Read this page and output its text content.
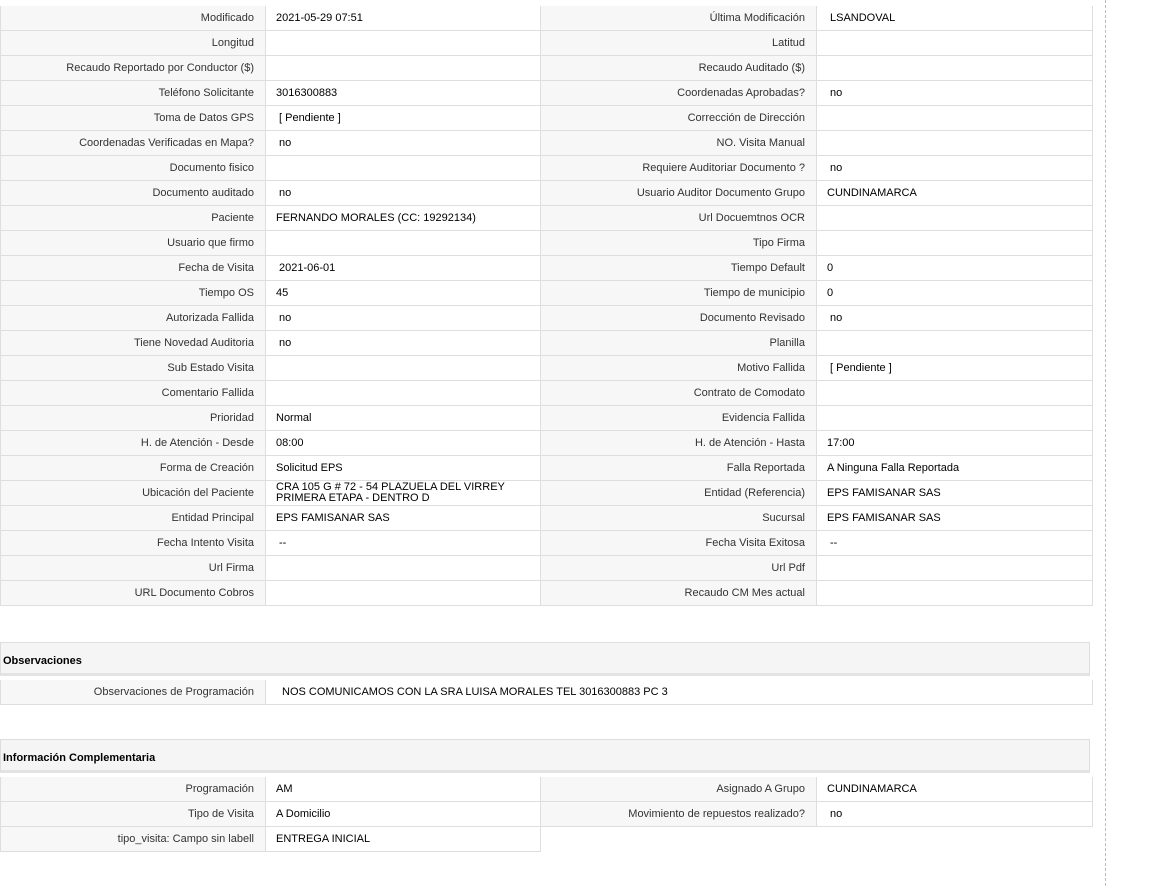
Modificado	2021-05-29 07:51	Última Modificación	LSANDOVAL
Longitud		Latitud	
Recaudo Reportado por Conductor ($)		Recaudo Auditado ($)	
Teléfono Solicitante	3016300883	Coordenadas Aprobadas?	no
Toma de Datos GPS	[ Pendiente ]	Corrección de Dirección	
Coordenadas Verificadas en Mapa?	no	NO. Visita Manual	
Documento fisico		Requiere Auditoriar Documento ?	no
Documento auditado	no	Usuario Auditor Documento Grupo	CUNDINAMARCA
Paciente	FERNANDO MORALES (CC: 19292134)	Url Docuemtnos OCR	
Usuario que firmo		Tipo Firma	
Fecha de Visita	2021-06-01	Tiempo Default	0
Tiempo OS	45	Tiempo de municipio	0
Autorizada Fallida	no	Documento Revisado	no
Tiene Novedad Auditoria	no	Planilla	
Sub Estado Visita		Motivo Fallida	[ Pendiente ]
Comentario Fallida		Contrato de Comodato	
Prioridad	Normal	Evidencia Fallida	
H. de Atención - Desde	08:00	H. de Atención - Hasta	17:00
Forma de Creación	Solicitud EPS	Falla Reportada	A Ninguna Falla Reportada
Ubicación del Paciente	CRA 105 G # 72 - 54 PLAZUELA DEL VIRREY PRIMERA ETAPA - DENTRO D	Entidad (Referencia)	EPS FAMISANAR SAS
Entidad Principal	EPS FAMISANAR SAS	Sucursal	EPS FAMISANAR SAS
Fecha Intento Visita	--	Fecha Visita Exitosa	--
Url Firma		Url Pdf	
URL Documento Cobros		Recaudo CM Mes actual	
Observaciones
Observaciones de Programación	NOS COMUNICAMOS CON LA SRA LUISA MORALES TEL 3016300883 PC 3
Información Complementaria
Programación	AM	Asignado A Grupo	CUNDINAMARCA
Tipo de Visita	A Domicilio	Movimiento de repuestos realizado?	no
tipo_visita: Campo sin labell	ENTREGA INICIAL		
